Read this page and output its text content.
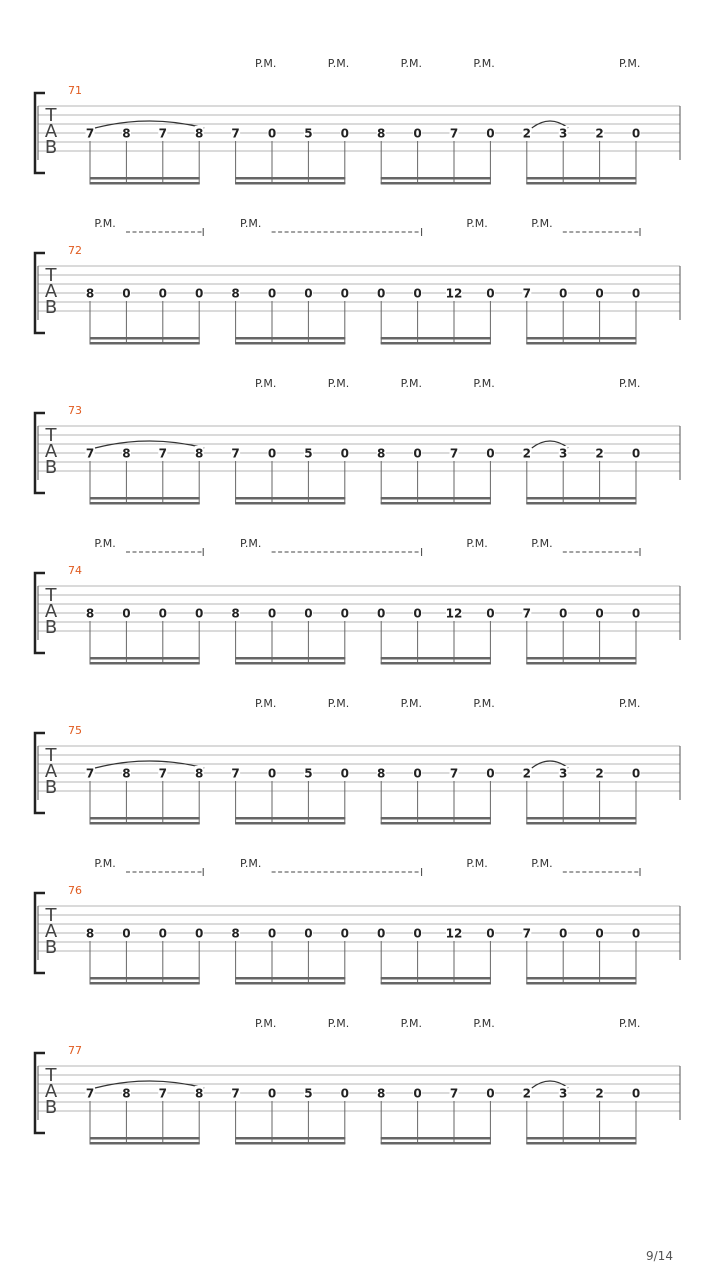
71
T
A
B
7 8 7 8 7 0 5 0 8 0 7 0 2 3 2 0
P.M.	P.M.	P.M.	P.M.	P.M.
72
T
A
B
8 0 0 0 8 0 0 0 0 0 12 0 7 0 0 0
P.M.	P.M.	P.M.	P.M.
73
T
A
B
7 8 7 8 7 0 5 0 8 0 7 0 2 3 2 0
P.M.	P.M.	P.M.	P.M.	P.M.
74
T
A
B
8 0 0 0 8 0 0 0 0 0 12 0 7 0 0 0
P.M.	P.M.	P.M.	P.M.
75
T
A
B
7 8 7 8 7 0 5 0 8 0 7 0 2 3 2 0
P.M.	P.M.	P.M.	P.M.	P.M.
76
T
A
B
8 0 0 0 8 0 0 0 0 0 12 0 7 0 0 0
P.M.	P.M.	P.M.	P.M.
77
T
A
B
7 8 7 8 7 0 5 0 8 0 7 0 2 3 2 0
P.M.	P.M.	P.M.	P.M.	P.M.
9/14
